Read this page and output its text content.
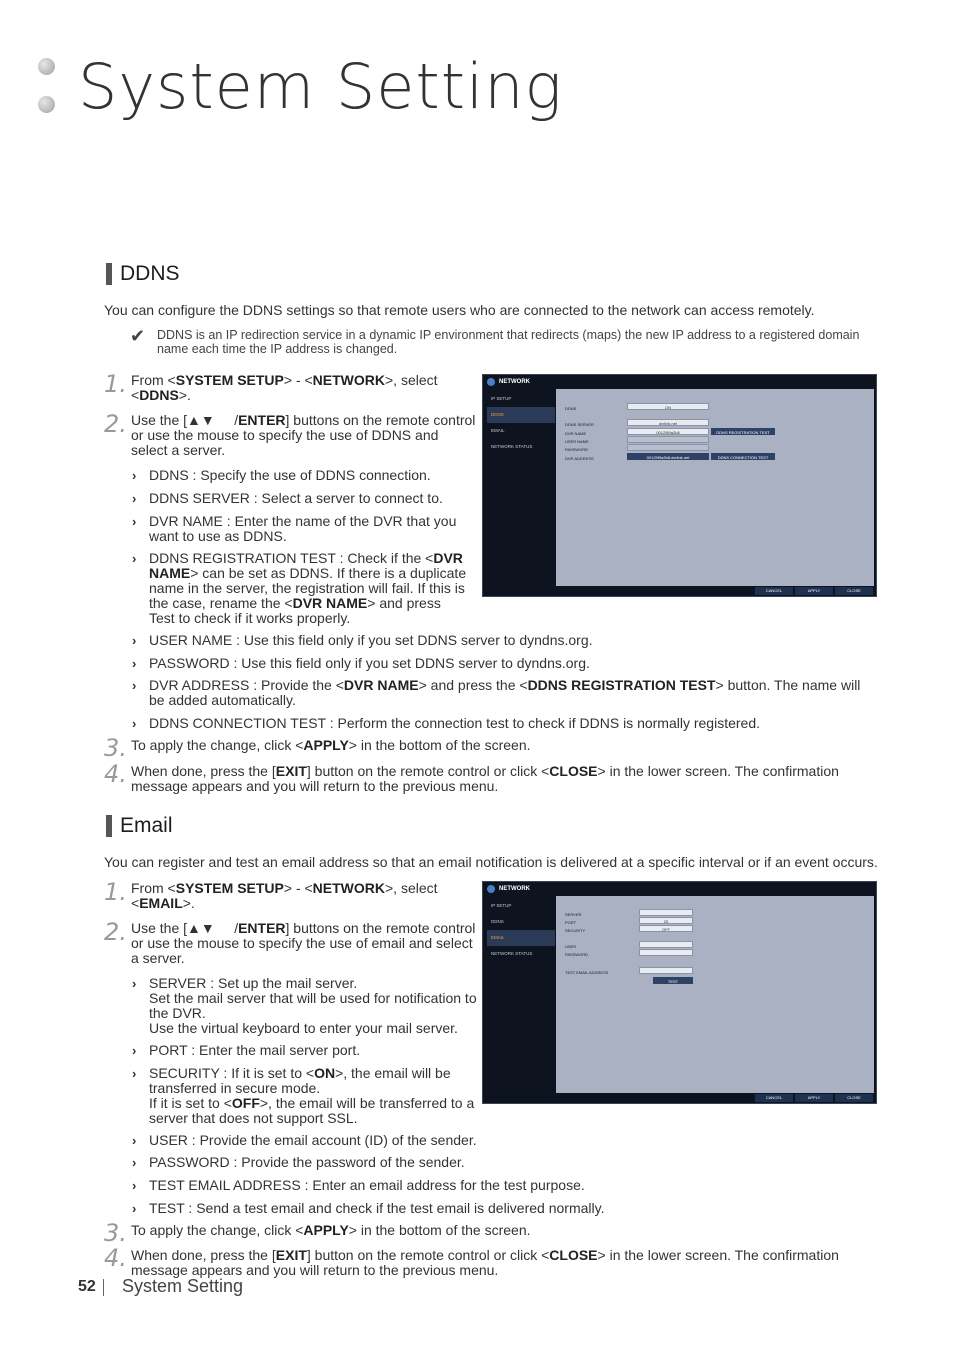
System Setting
DDNS
You can configure the DDNS settings so that remote users who are connected to the network can access remotely.
✔ DDNS is an IP redirection service in a dynamic IP environment that redirects (maps) the new IP address to a registered domain name each time the IP address is changed.
1. From <SYSTEM SETUP> - <NETWORK>, select <DDNS>.
2. Use the [▲▼     /ENTER] buttons on the remote control or use the mouse to specify the use of DDNS and select a server.
› DDNS : Specify the use of DDNS connection.
› DDNS SERVER : Select a server to connect to.
› DVR NAME : Enter the name of the DVR that you want to use as DDNS.
› DDNS REGISTRATION TEST : Check if the <DVR NAME> can be set as DDNS. If there is a duplicate name in the server, the registration will fail. If this is the case, rename the <DVR NAME> and press Test to check if it works properly.
› USER NAME : Use this field only if you set DDNS server to dyndns.org.
› PASSWORD : Use this field only if you set DDNS server to dyndns.org.
› DVR ADDRESS : Provide the <DVR NAME> and press the <DDNS REGISTRATION TEST> button. The name will be added automatically.
› DDNS CONNECTION TEST : Perform the connection test to check if DDNS is normally registered.
3. To apply the change, click <APPLY> in the bottom of the screen.
4. When done, press the [EXIT] button on the remote control or click <CLOSE> in the lower screen. The confirmation message appears and you will return to the previous menu.
NETWORK
IP SETUP
DDNS
EMAIL
NETWORK STATUS
DDNS	ON
DDNS SERVER	dvrlink.net
DVR NAME	00125f9a2b8	DDNS REGISTRATION TEST
USER NAME
PASSWORD
DVR ADDRESS	00125f9a2b8.dvrlink.net	DDNS CONNECTION TEST
CANCEL	APPLY	CLOSE
Email
You can register and test an email address so that an email notification is delivered at a specific interval or if an event occurs.
1. From <SYSTEM SETUP> - <NETWORK>, select <EMAIL>.
2. Use the [▲▼     /ENTER] buttons on the remote control or use the mouse to specify the use of email and select a server.
› SERVER : Set up the mail server.
Set the mail server that will be used for notification to the DVR.
Use the virtual keyboard to enter your mail server.
› PORT : Enter the mail server port.
› SECURITY : If it is set to <ON>, the email will be transferred in secure mode.
If it is set to <OFF>, the email will be transferred to a server that does not support SSL.
› USER : Provide the email account (ID) of the sender.
› PASSWORD : Provide the password of the sender.
› TEST EMAIL ADDRESS : Enter an email address for the test purpose.
› TEST : Send a test email and check if the test email is delivered normally.
3. To apply the change, click <APPLY> in the bottom of the screen.
4. When done, press the [EXIT] button on the remote control or click <CLOSE> in the lower screen. The confirmation message appears and you will return to the previous menu.
NETWORK
IP SETUP
DDNS
EMAIL
NETWORK STATUS
SERVER
PORT	25
SECURITY	OFF
USER
PASSWORD
TEST EMAIL ADDRESS
TEST
CANCEL	APPLY	CLOSE
52 System Setting
